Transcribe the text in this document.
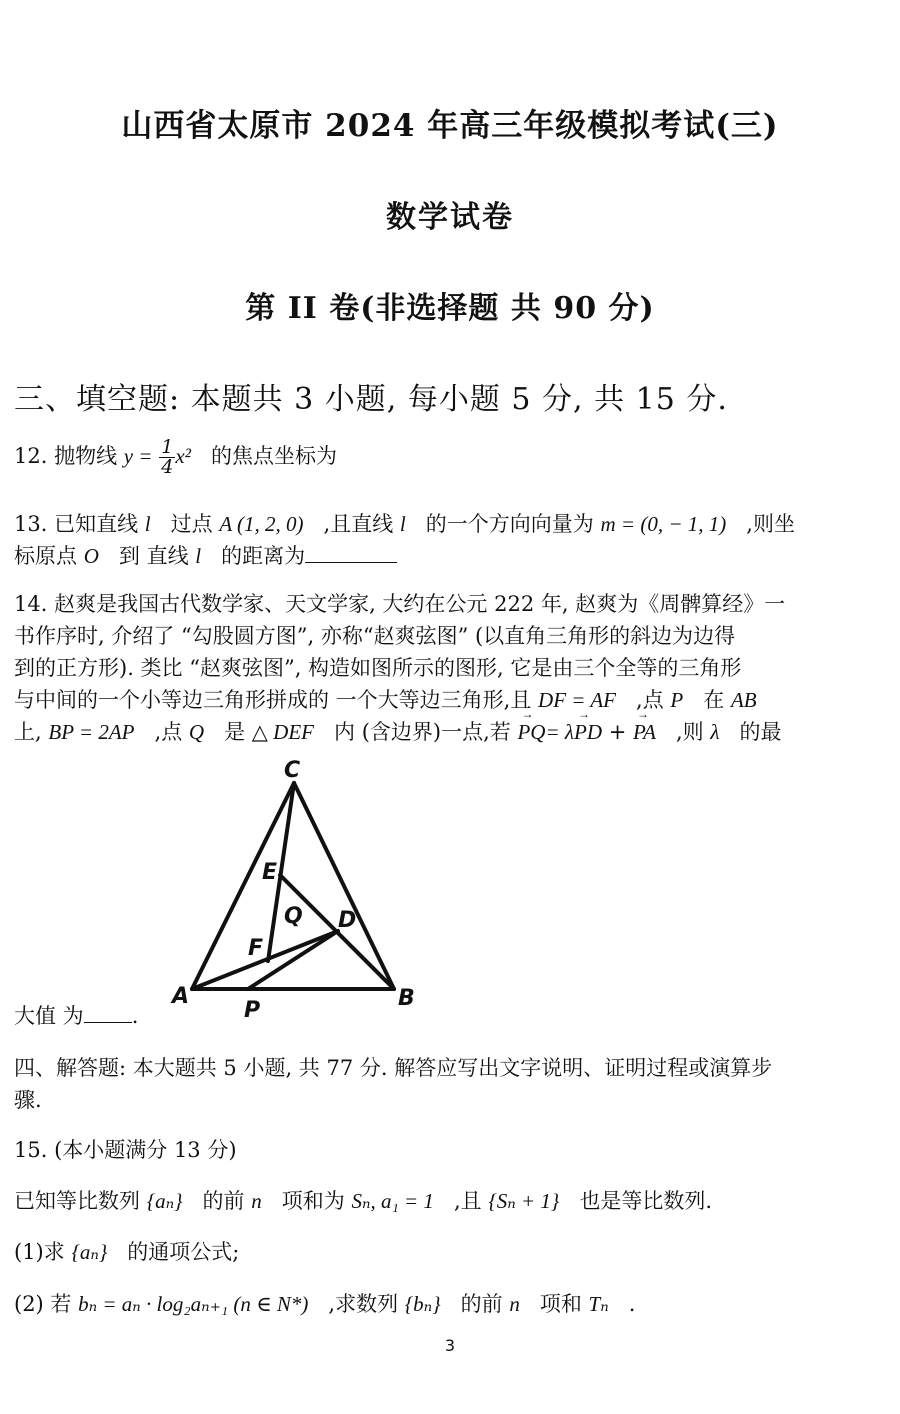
山西省太原市 2024 年高三年级模拟考试(三)
数学试卷
第 II 卷(非选择题 共 90 分)
三、填空题: 本题共 3 小题, 每小题 5 分, 共 15 分.
12. 抛物线 $y = \frac{1}{4} x^2$ 的焦点坐标为
13. 已知直线 l 过点 A (1, 2, 0) ,且直线 l 的一个方向向量为 m = (0, − 1, 1) ,则坐
标原点 O 到 直线 l 的距离为
14. 赵爽是我国古代数学家、天文学家, 大约在公元 222 年, 赵爽为《周髀算经》一
书作序时, 介绍了 “勾股圆方图”, 亦称“赵爽弦图” (以直角三角形的斜边为边得
到的正方形). 类比 “赵爽弦图”, 构造如图所示的图形, 它是由三个全等的三角形
与中间的一个小等边三角形拼成的 一个大等边三角形,且 DF = AF ,点 P 在 AB
上, BP = 2AP ,点 Q 是 △ DEF 内 (含边界)一点,若 → PQ= λ→ PD + → PA ,则 λ 的最
C
E
Q D
F
A
P	B
大值 为 .
四、解答题: 本大题共 5 小题, 共 77 分. 解答应写出文字说明、证明过程或演算步
骤.
15. (本小题满分 13 分)
已知等比数列 {aₙ} 的前 n 项和为 Sₙ, a₁ = 1 ,且 {Sₙ + 1} 也是等比数列.
(1)求 {aₙ} 的通项公式;
(2) 若 bₙ = aₙ · log₂aₙ₊₁ (n ∈ N*) ,求数列 {bₙ} 的前 n 项和 Tₙ .
3
